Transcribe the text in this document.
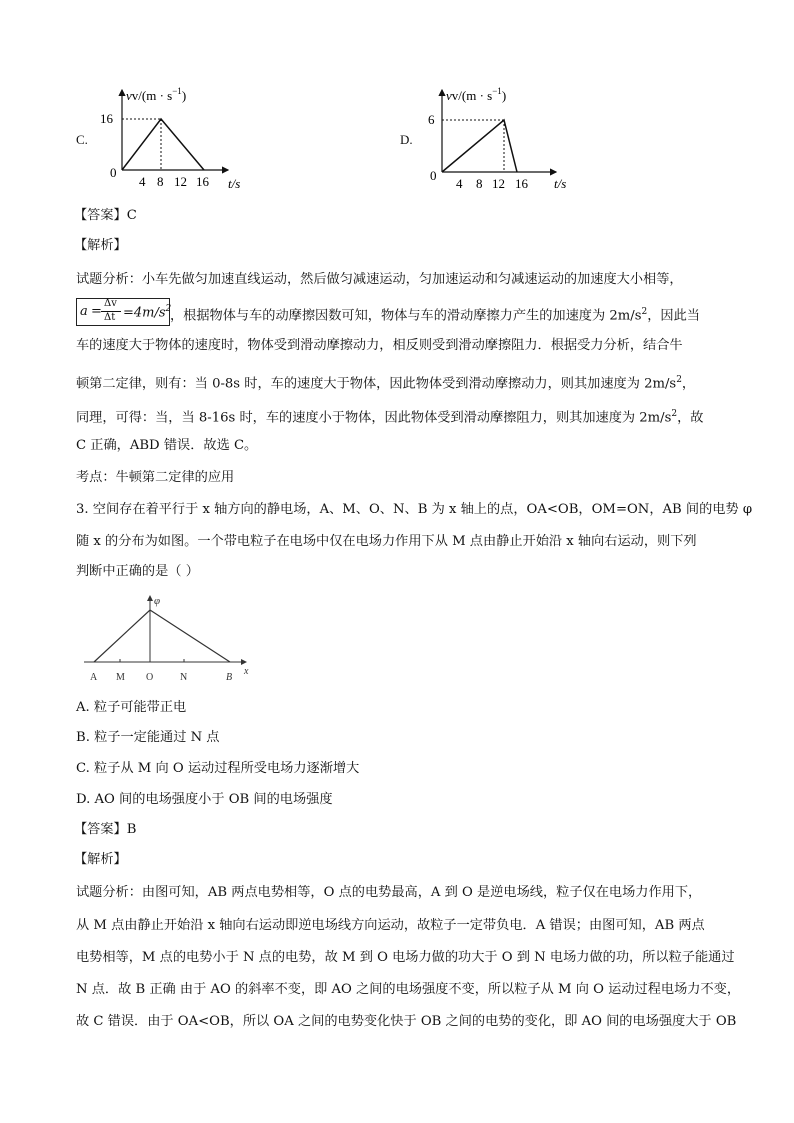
C.
$vv/(m \cdot s^{-1})$
16
0
4 8 12 16 t/s
D.
$vv/(m \cdot s^{-1})$
6
0
4 8 12 16 t/s
【答案】C
【解析】
试题分析：小车先做匀加速直线运动，然后做匀减速运动，匀加速运动和匀减速运动的加速度大小相等，
a =
Δv
$\Delta t =4m/s^2$
，根据物体与车的动摩擦因数可知，物体与车的滑动摩擦力产生的加速度为 $2m/s^2$，因此当
车的速度大于物体的速度时，物体受到滑动摩擦动力，相反则受到滑动摩擦阻力．根据受力分析，结合牛
顿第二定律，则有：当 0-8s 时，车的速度大于物体，因此物体受到滑动摩擦动力，则其加速度为 $2m/s^2$，
同理，可得：当，当 8-16s 时，车的速度小于物体，因此物体受到滑动摩擦阻力，则其加速度为 $2m/s^2$，故
C 正确，ABD 错误．故选 C。
考点：牛顿第二定律的应用
3. 空间存在着平行于 x 轴方向的静电场，A、M、O、N、B 为 x 轴上的点，OA<OB，OM=ON，AB 间的电势 φ
随 x 的分布为如图。一个带电粒子在电场中仅在电场力作用下从 M 点由静止开始沿 x 轴向右运动，则下列
判断中正确的是（ ）
φ
x
A M O	N	B
A. 粒子可能带正电
B. 粒子一定能通过 N 点
C. 粒子从 M 向 O 运动过程所受电场力逐渐增大
D. AO 间的电场强度小于 OB 间的电场强度
【答案】B
【解析】
试题分析：由图可知，AB 两点电势相等，O 点的电势最高，A 到 O 是逆电场线，粒子仅在电场力作用下，
从 M 点由静止开始沿 x 轴向右运动即逆电场线方向运动，故粒子一定带负电．A 错误；由图可知，AB 两点
电势相等，M 点的电势小于 N 点的电势，故 M 到 O 电场力做的功大于 O 到 N 电场力做的功，所以粒子能通过
N 点．故 B 正确 由于 AO 的斜率不变，即 AO 之间的电场强度不变，所以粒子从 M 向 O 运动过程电场力不变，
故 C 错误．由于 OA<OB，所以 OA 之间的电势变化快于 OB 之间的电势的变化，即 AO 间的电场强度大于 OB
